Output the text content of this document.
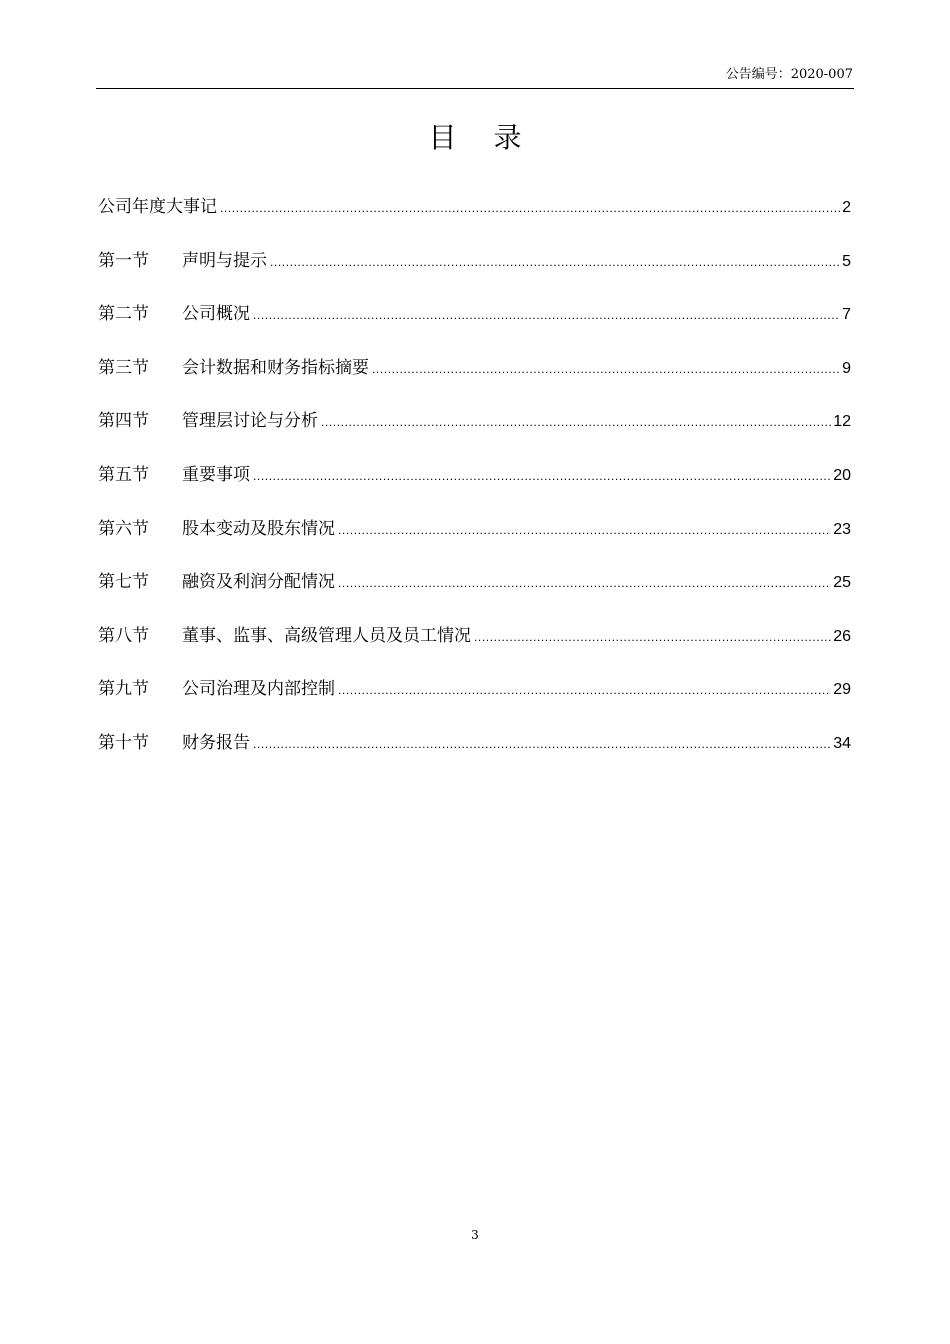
公告编号：2020-007
目 录
公司年度大事记 .....	2
第一节	声明与提示 .....	5
第二节	公司概况 .....	7
第三节	会计数据和财务指标摘要 .....	9
第四节	管理层讨论与分析 .....	12
第五节	重要事项 .....	20
第六节	股本变动及股东情况 .....	23
第七节	融资及利润分配情况 .....	25
第八节	董事、监事、高级管理人员及员工情况 .....	26
第九节	公司治理及内部控制 .....	29
第十节	财务报告 .....	34
3
